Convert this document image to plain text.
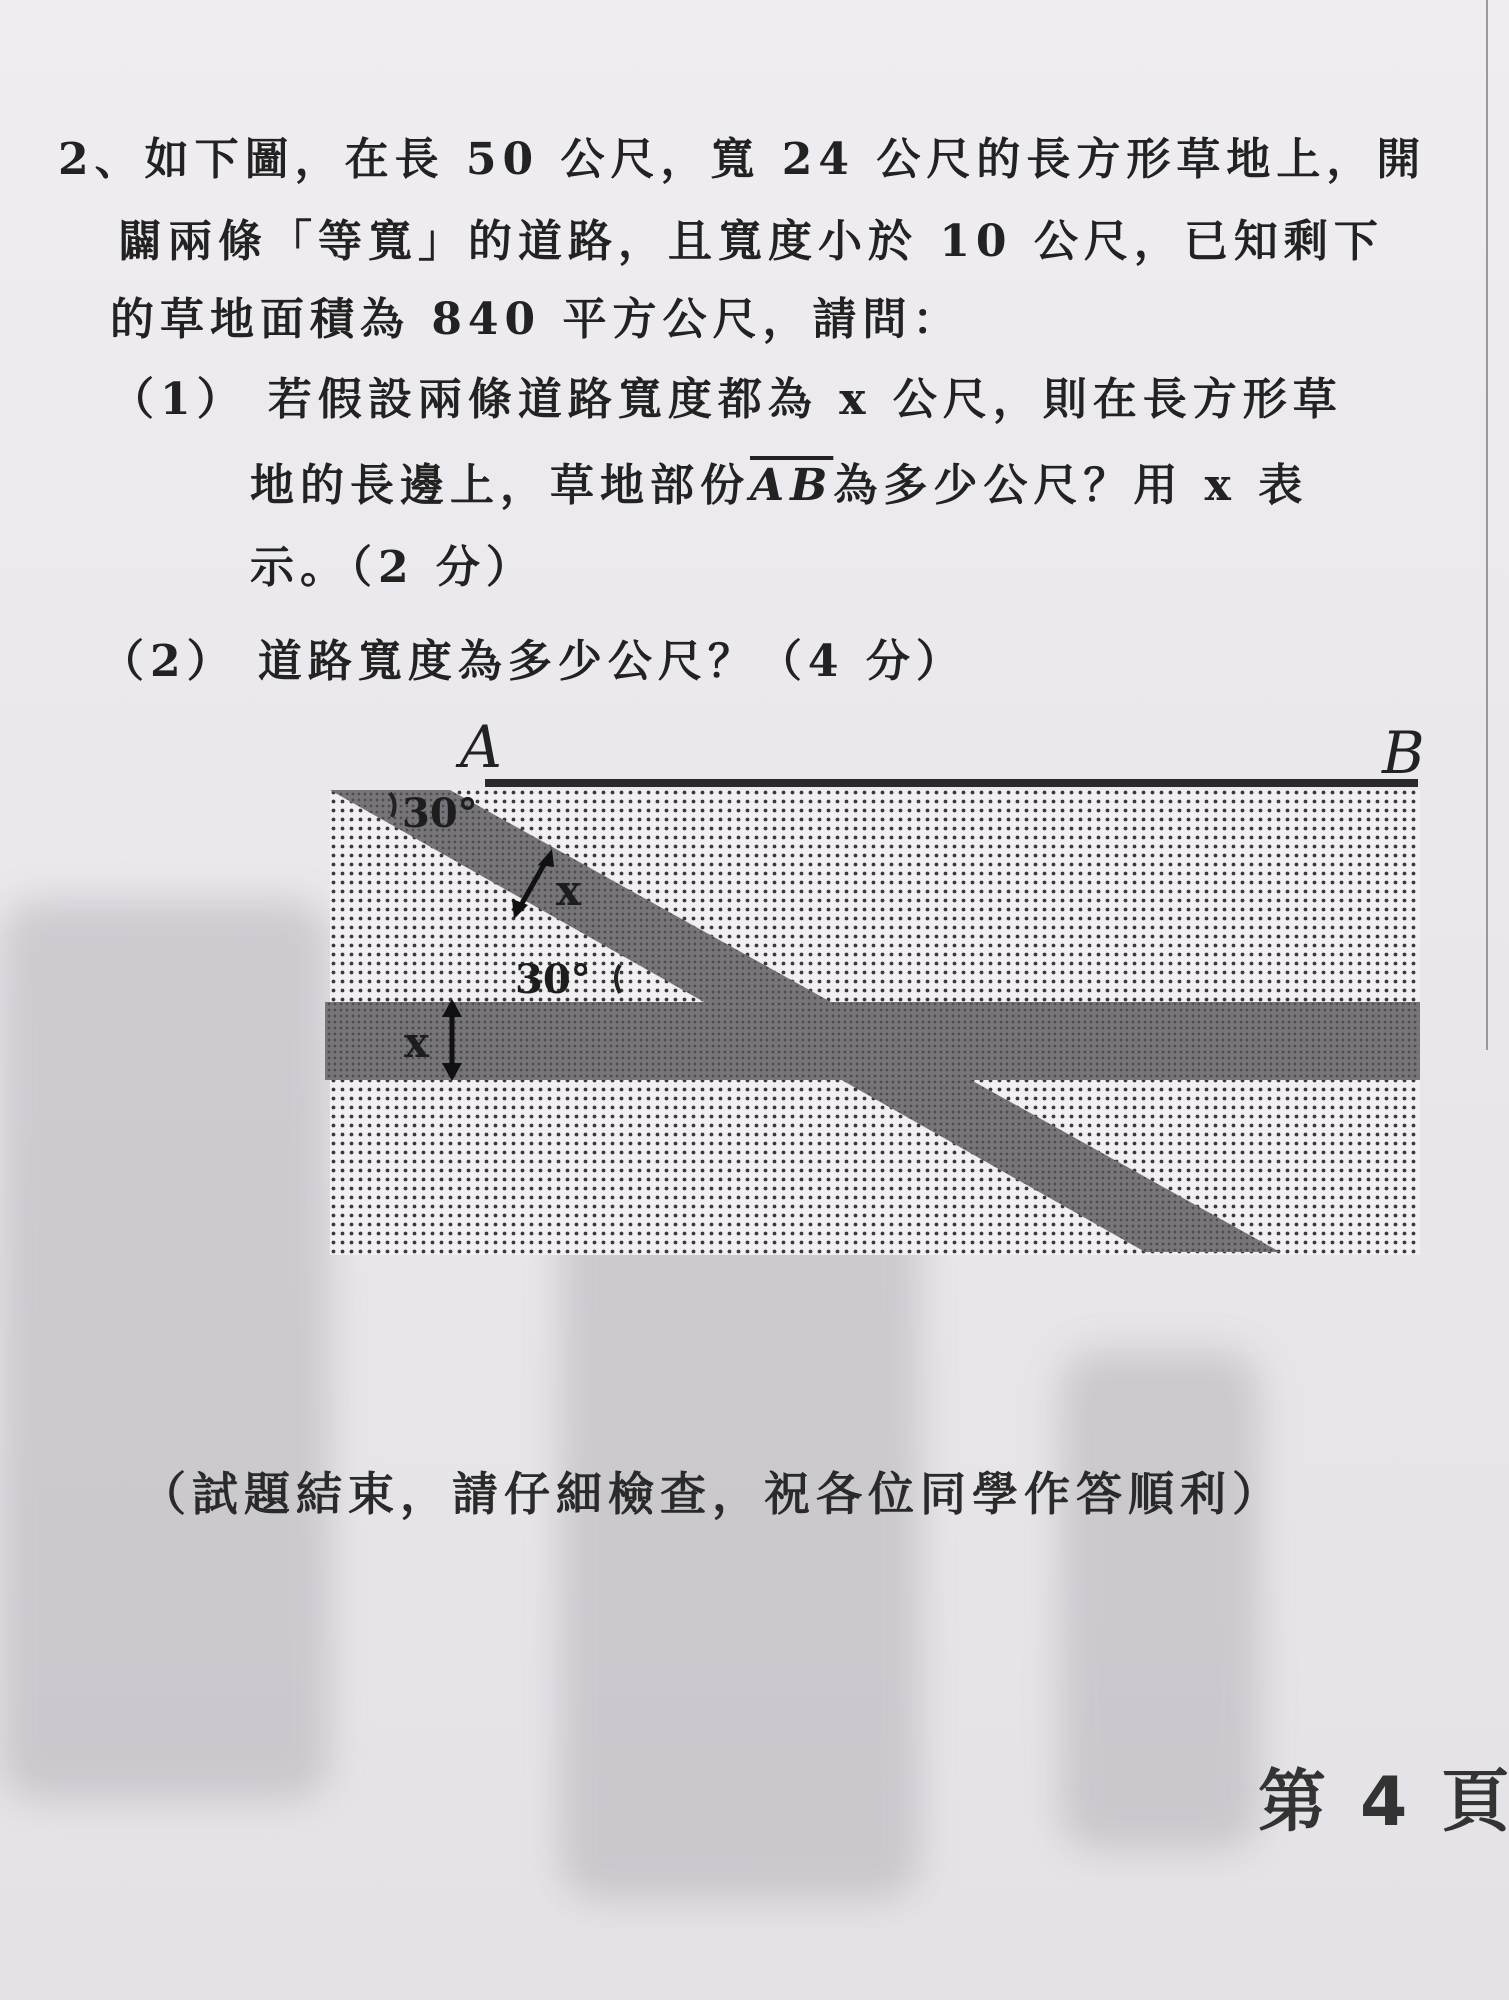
2、如下圖，在長 50 公尺，寬 24 公尺的長方形草地上，開
闢兩條「等寬」的道路，且寬度小於 10 公尺，已知剩下
的草地面積為 840 平方公尺，請問：
（1） 若假設兩條道路寬度都為 x 公尺，則在長方形草
地的長邊上，草地部份$\overline{AB}$為多少公尺？用 x 表
示。（2 分）
（2） 道路寬度為多少公尺？（4 分）
A	B
30°
x
30°
x
（試題結束，請仔細檢查，祝各位同學作答順利）
第 4 頁
